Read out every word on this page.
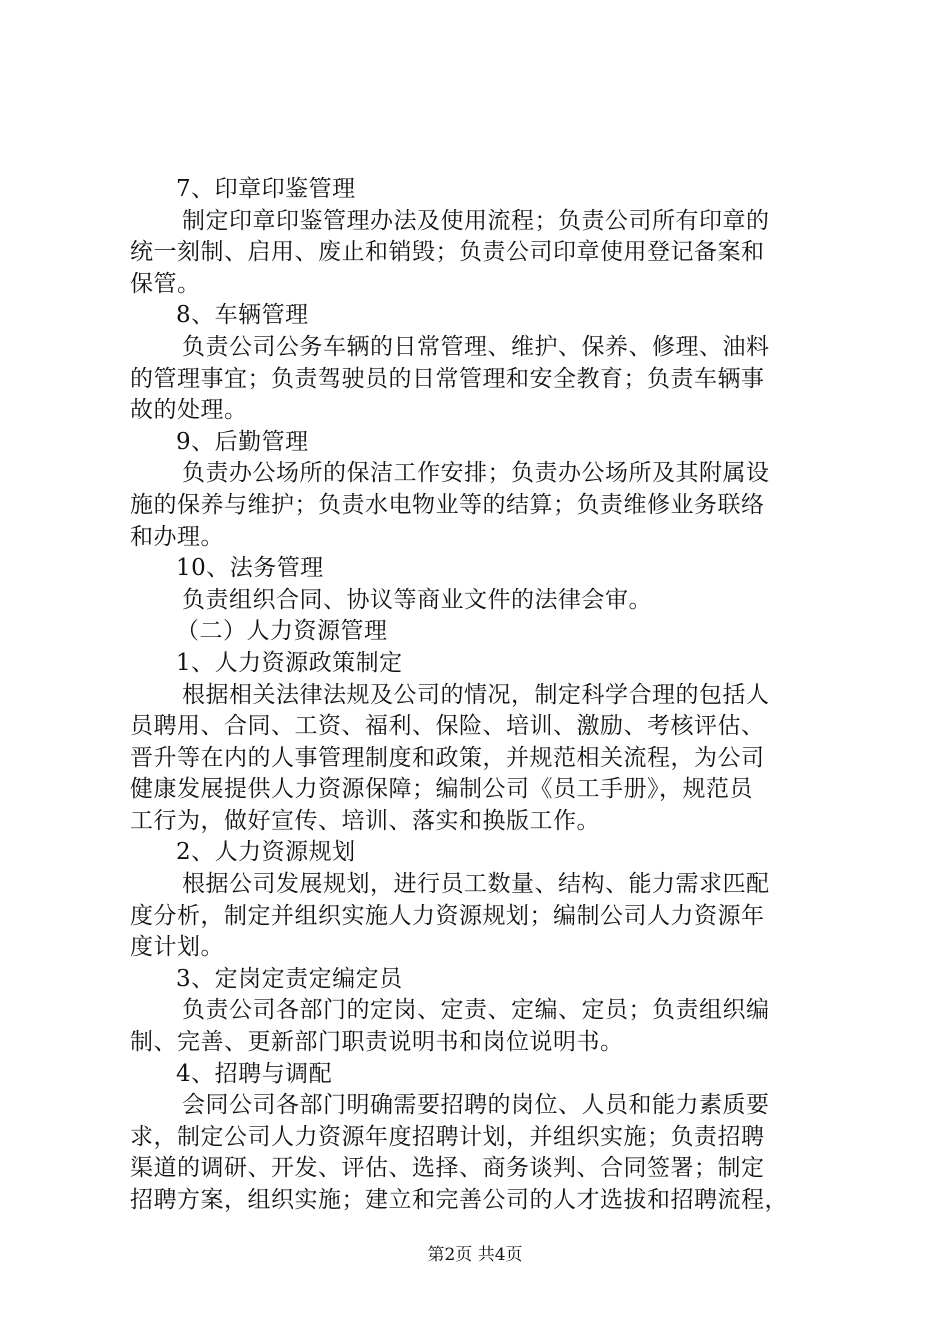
7、印章印鉴管理
制定印章印鉴管理办法及使用流程；负责公司所有印章的
统一刻制、启用、废止和销毁；负责公司印章使用登记备案和
保管。
8、车辆管理
负责公司公务车辆的日常管理、维护、保养、修理、油料
的管理事宜；负责驾驶员的日常管理和安全教育；负责车辆事
故的处理。
9、后勤管理
负责办公场所的保洁工作安排；负责办公场所及其附属设
施的保养与维护；负责水电物业等的结算；负责维修业务联络
和办理。
10、法务管理
负责组织合同、协议等商业文件的法律会审。
（二）人力资源管理
1、人力资源政策制定
根据相关法律法规及公司的情况，制定科学合理的包括人
员聘用、合同、工资、福利、保险、培训、激励、考核评估、
晋升等在内的人事管理制度和政策，并规范相关流程，为公司
健康发展提供人力资源保障；编制公司《员工手册》，规范员
工行为，做好宣传、培训、落实和换版工作。
2、人力资源规划
根据公司发展规划，进行员工数量、结构、能力需求匹配
度分析，制定并组织实施人力资源规划；编制公司人力资源年
度计划。
3、定岗定责定编定员
负责公司各部门的定岗、定责、定编、定员；负责组织编
制、完善、更新部门职责说明书和岗位说明书。
4、招聘与调配
会同公司各部门明确需要招聘的岗位、人员和能力素质要
求，制定公司人力资源年度招聘计划，并组织实施；负责招聘
渠道的调研、开发、评估、选择、商务谈判、合同签署；制定
招聘方案，组织实施；建立和完善公司的人才选拔和招聘流程，
第2页 共4页
